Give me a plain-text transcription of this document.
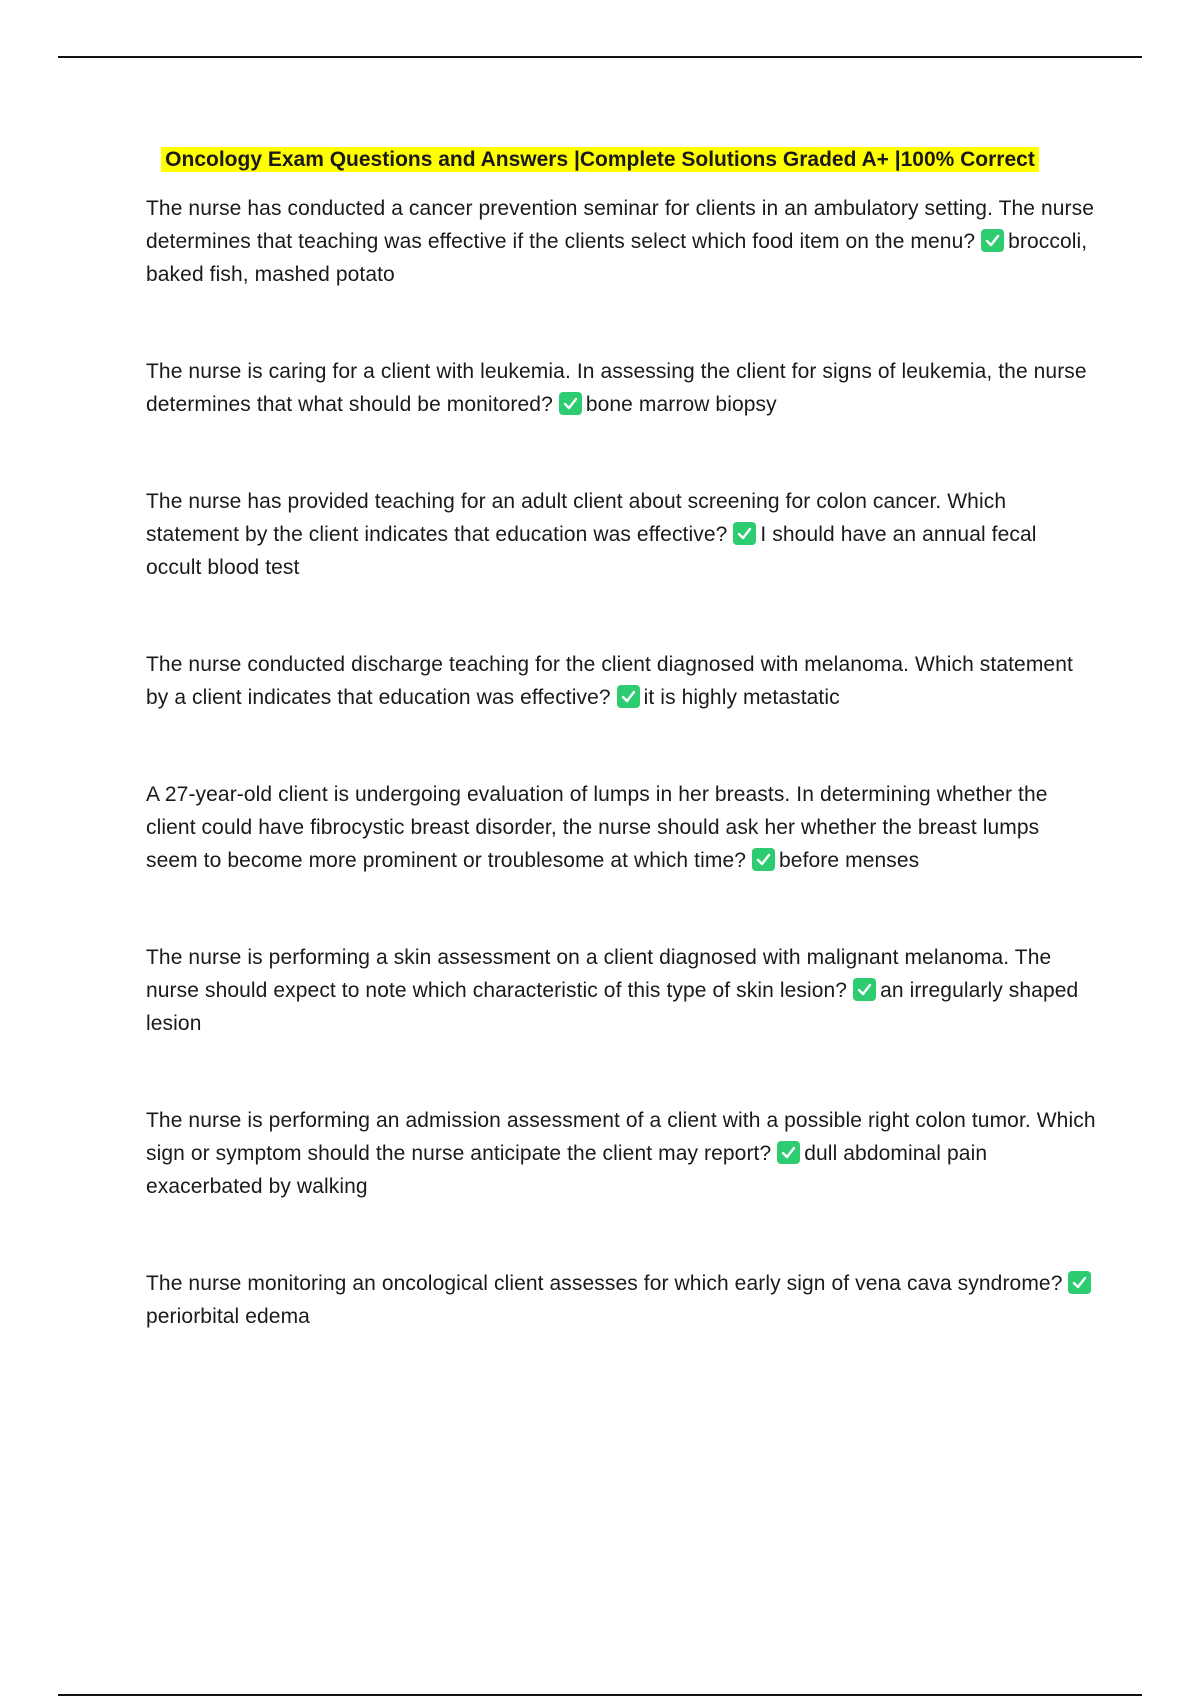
Oncology Exam Questions and Answers |Complete Solutions Graded A+ |100% Correct

The nurse has conducted a cancer prevention seminar for clients in an ambulatory setting. The nurse determines that teaching was effective if the clients select which food item on the menu? broccoli, baked fish, mashed potato

The nurse is caring for a client with leukemia. In assessing the client for signs of leukemia, the nurse determines that what should be monitored? bone marrow biopsy

The nurse has provided teaching for an adult client about screening for colon cancer. Which statement by the client indicates that education was effective? I should have an annual fecal occult blood test

The nurse conducted discharge teaching for the client diagnosed with melanoma. Which statement by a client indicates that education was effective? it is highly metastatic

A 27-year-old client is undergoing evaluation of lumps in her breasts. In determining whether the client could have fibrocystic breast disorder, the nurse should ask her whether the breast lumps seem to become more prominent or troublesome at which time? before menses

The nurse is performing a skin assessment on a client diagnosed with malignant melanoma. The nurse should expect to note which characteristic of this type of skin lesion? an irregularly shaped lesion

The nurse is performing an admission assessment of a client with a possible right colon tumor. Which sign or symptom should the nurse anticipate the client may report? dull abdominal pain exacerbated by walking

The nurse monitoring an oncological client assesses for which early sign of vena cava syndrome?
periorbital edema
